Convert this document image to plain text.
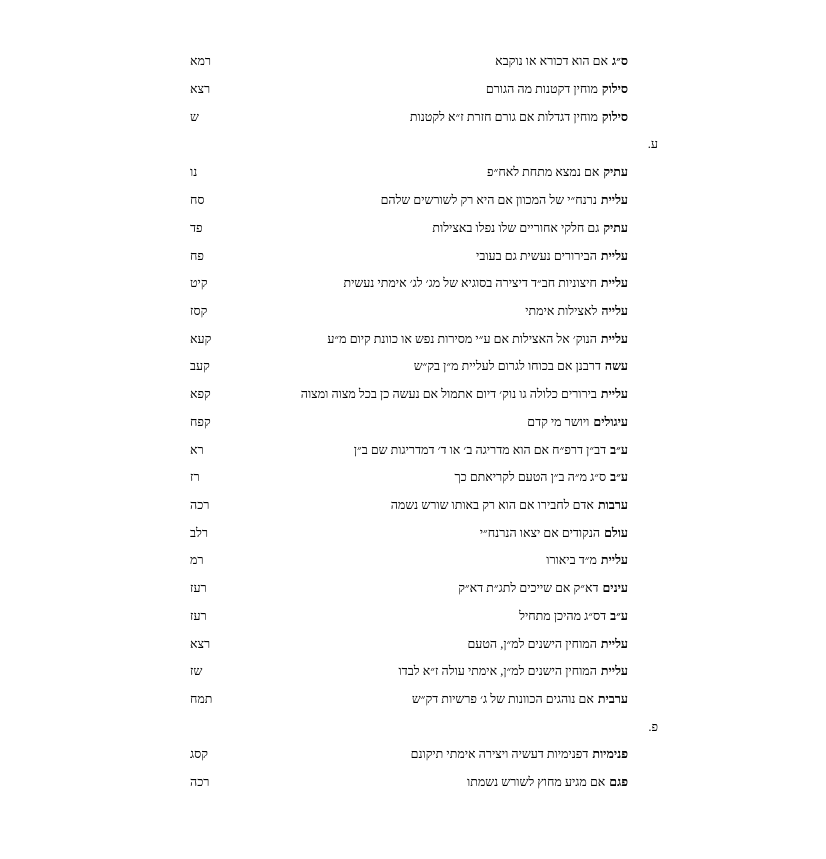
ס״ג
אם הוא דכורא או נוקבא
רמא
סילוק
מוחין דקטנות מה הגורם
רצא
סילוק
מוחין דגדלות אם גורם חזרת ז״א לקטנות
ש
ע.
עתיק
אם נמצא מתחת לאח״פ
נו
עליית
נרנח״י של המכוון אם היא רק לשורשים שלהם
סח
עתיק
גם חלקי אחוריים שלו נפלו באצילות
פד
עליית
הבירורים נעשית גם בעובי
פח
עליית
חיצוניות חב״ד דיצירה בסוגיא של מג׳ לג׳ אימתי נעשית
קיט
עלייה
לאצילות אימתי
קסז
עליית
הנוק׳ אל האצילות אם ע״י מסירות נפש או כוונת קיום מ״ע
קעא
עשה
דרבנן אם בכוחו לגרום לעליית מ״ן בק״ש
קעב
עליית
בירורים כלולה גו נוק׳ דיום אתמול אם נעשה כן בכל מצוה ומצוה
קפא
עיגולים
ויושר מי קדם
קפח
ע״ב
דב״ן דרפ״ח אם הוא מדריגה ב׳ או ד׳ דמדריגות שם ב״ן
רא
ע״ב
ס״ג מ״ה ב״ן הטעם לקריאתם כך
רז
ערבות
אדם לחבירו אם הוא רק באותו שורש נשמה
רכה
עולם
הנקודים אם יצאו הנרנח״י
רלב
עליית
מ״ד ביאורו
רמ
עינים
דא״ק אם שייכים לתג״ת דא״ק
רעז
ע״ב
דס״ג מהיכן מתחיל
רעז
עליית
המוחין הישנים למ״ן, הטעם
רצא
עליית
המוחין הישנים למ״ן, אימתי עולה ז״א לבדו
שז
ערבית
אם נוהגים הכוונות של ג׳ פרשיות דק״ש
תמח
פ.
פנימיות
דפנימיות דעשיה ויצירה אימתי תיקונם
קסג
פגם
אם מגיע מחוץ לשורש נשמתו
רכה
